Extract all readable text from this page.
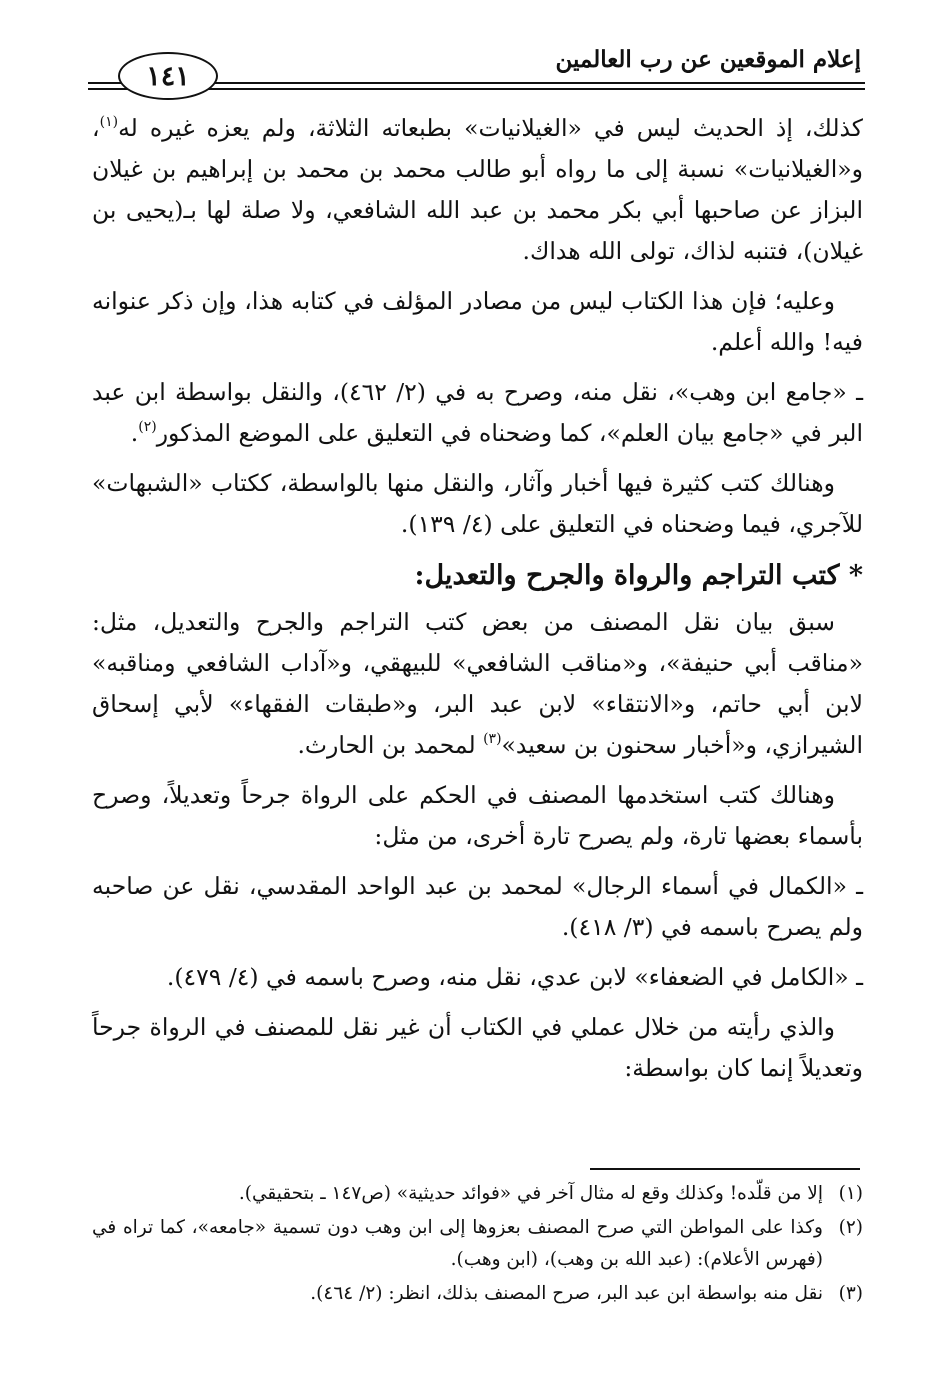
إعلام الموقعين عن رب العالمين
١٤١

كذلك، إذ الحديث ليس في «الغيلانيات» بطبعاته الثلاثة، ولم يعزه غيره له$^{(١)}$، و«الغيلانيات» نسبة إلى ما رواه أبو طالب محمد بن محمد بن إبراهيم بن غيلان البزاز عن صاحبها أبي بكر محمد بن عبد الله الشافعي، ولا صلة لها بـ(يحيى بن غيلان)، فتنبه لذاك، تولى الله هداك.

وعليه؛ فإن هذا الكتاب ليس من مصادر المؤلف في كتابه هذا، وإن ذكر عنوانه فيه! والله أعلم.

ـ «جامع ابن وهب»، نقل منه، وصرح به في (٢/ ٤٦٢)، والنقل بواسطة ابن عبد البر في «جامع بيان العلم»، كما وضحناه في التعليق على الموضع المذكور$^{(٢)}$.

وهنالك كتب كثيرة فيها أخبار وآثار، والنقل منها بالواسطة، ككتاب «الشبهات» للآجري، فيما وضحناه في التعليق على (٤/ ١٣٩).

* كتب التراجم والرواة والجرح والتعديل:

سبق بيان نقل المصنف من بعض كتب التراجم والجرح والتعديل، مثل: «مناقب أبي حنيفة»، و«مناقب الشافعي» للبيهقي، و«آداب الشافعي ومناقبه» لابن أبي حاتم، و«الانتقاء» لابن عبد البر، و«طبقات الفقهاء» لأبي إسحاق الشيرازي، و«أخبار سحنون بن سعيد»$^{(٣)}$ لمحمد بن الحارث.

وهنالك كتب استخدمها المصنف في الحكم على الرواة جرحاً وتعديلاً، وصرح بأسماء بعضها تارة، ولم يصرح تارة أخرى، من مثل:

ـ «الكمال في أسماء الرجال» لمحمد بن عبد الواحد المقدسي، نقل عن صاحبه ولم يصرح باسمه في (٣/ ٤١٨).

ـ «الكامل في الضعفاء» لابن عدي، نقل منه، وصرح باسمه في (٤/ ٤٧٩).

والذي رأيته من خلال عملي في الكتاب أن غير نقل للمصنف في الرواة جرحاً وتعديلاً إنما كان بواسطة:

(١)
إلا من قلّده! وكذلك وقع له مثال آخر في «فوائد حديثية» (ص١٤٧ ـ بتحقيقي).
(٢)
وكذا على المواطن التي صرح المصنف بعزوها إلى ابن وهب دون تسمية «جامعه»، كما تراه في (فهرس الأعلام): (عبد الله بن وهب)، (ابن وهب).
(٣)
نقل منه بواسطة ابن عبد البر، صرح المصنف بذلك، انظر: (٢/ ٤٦٤).
